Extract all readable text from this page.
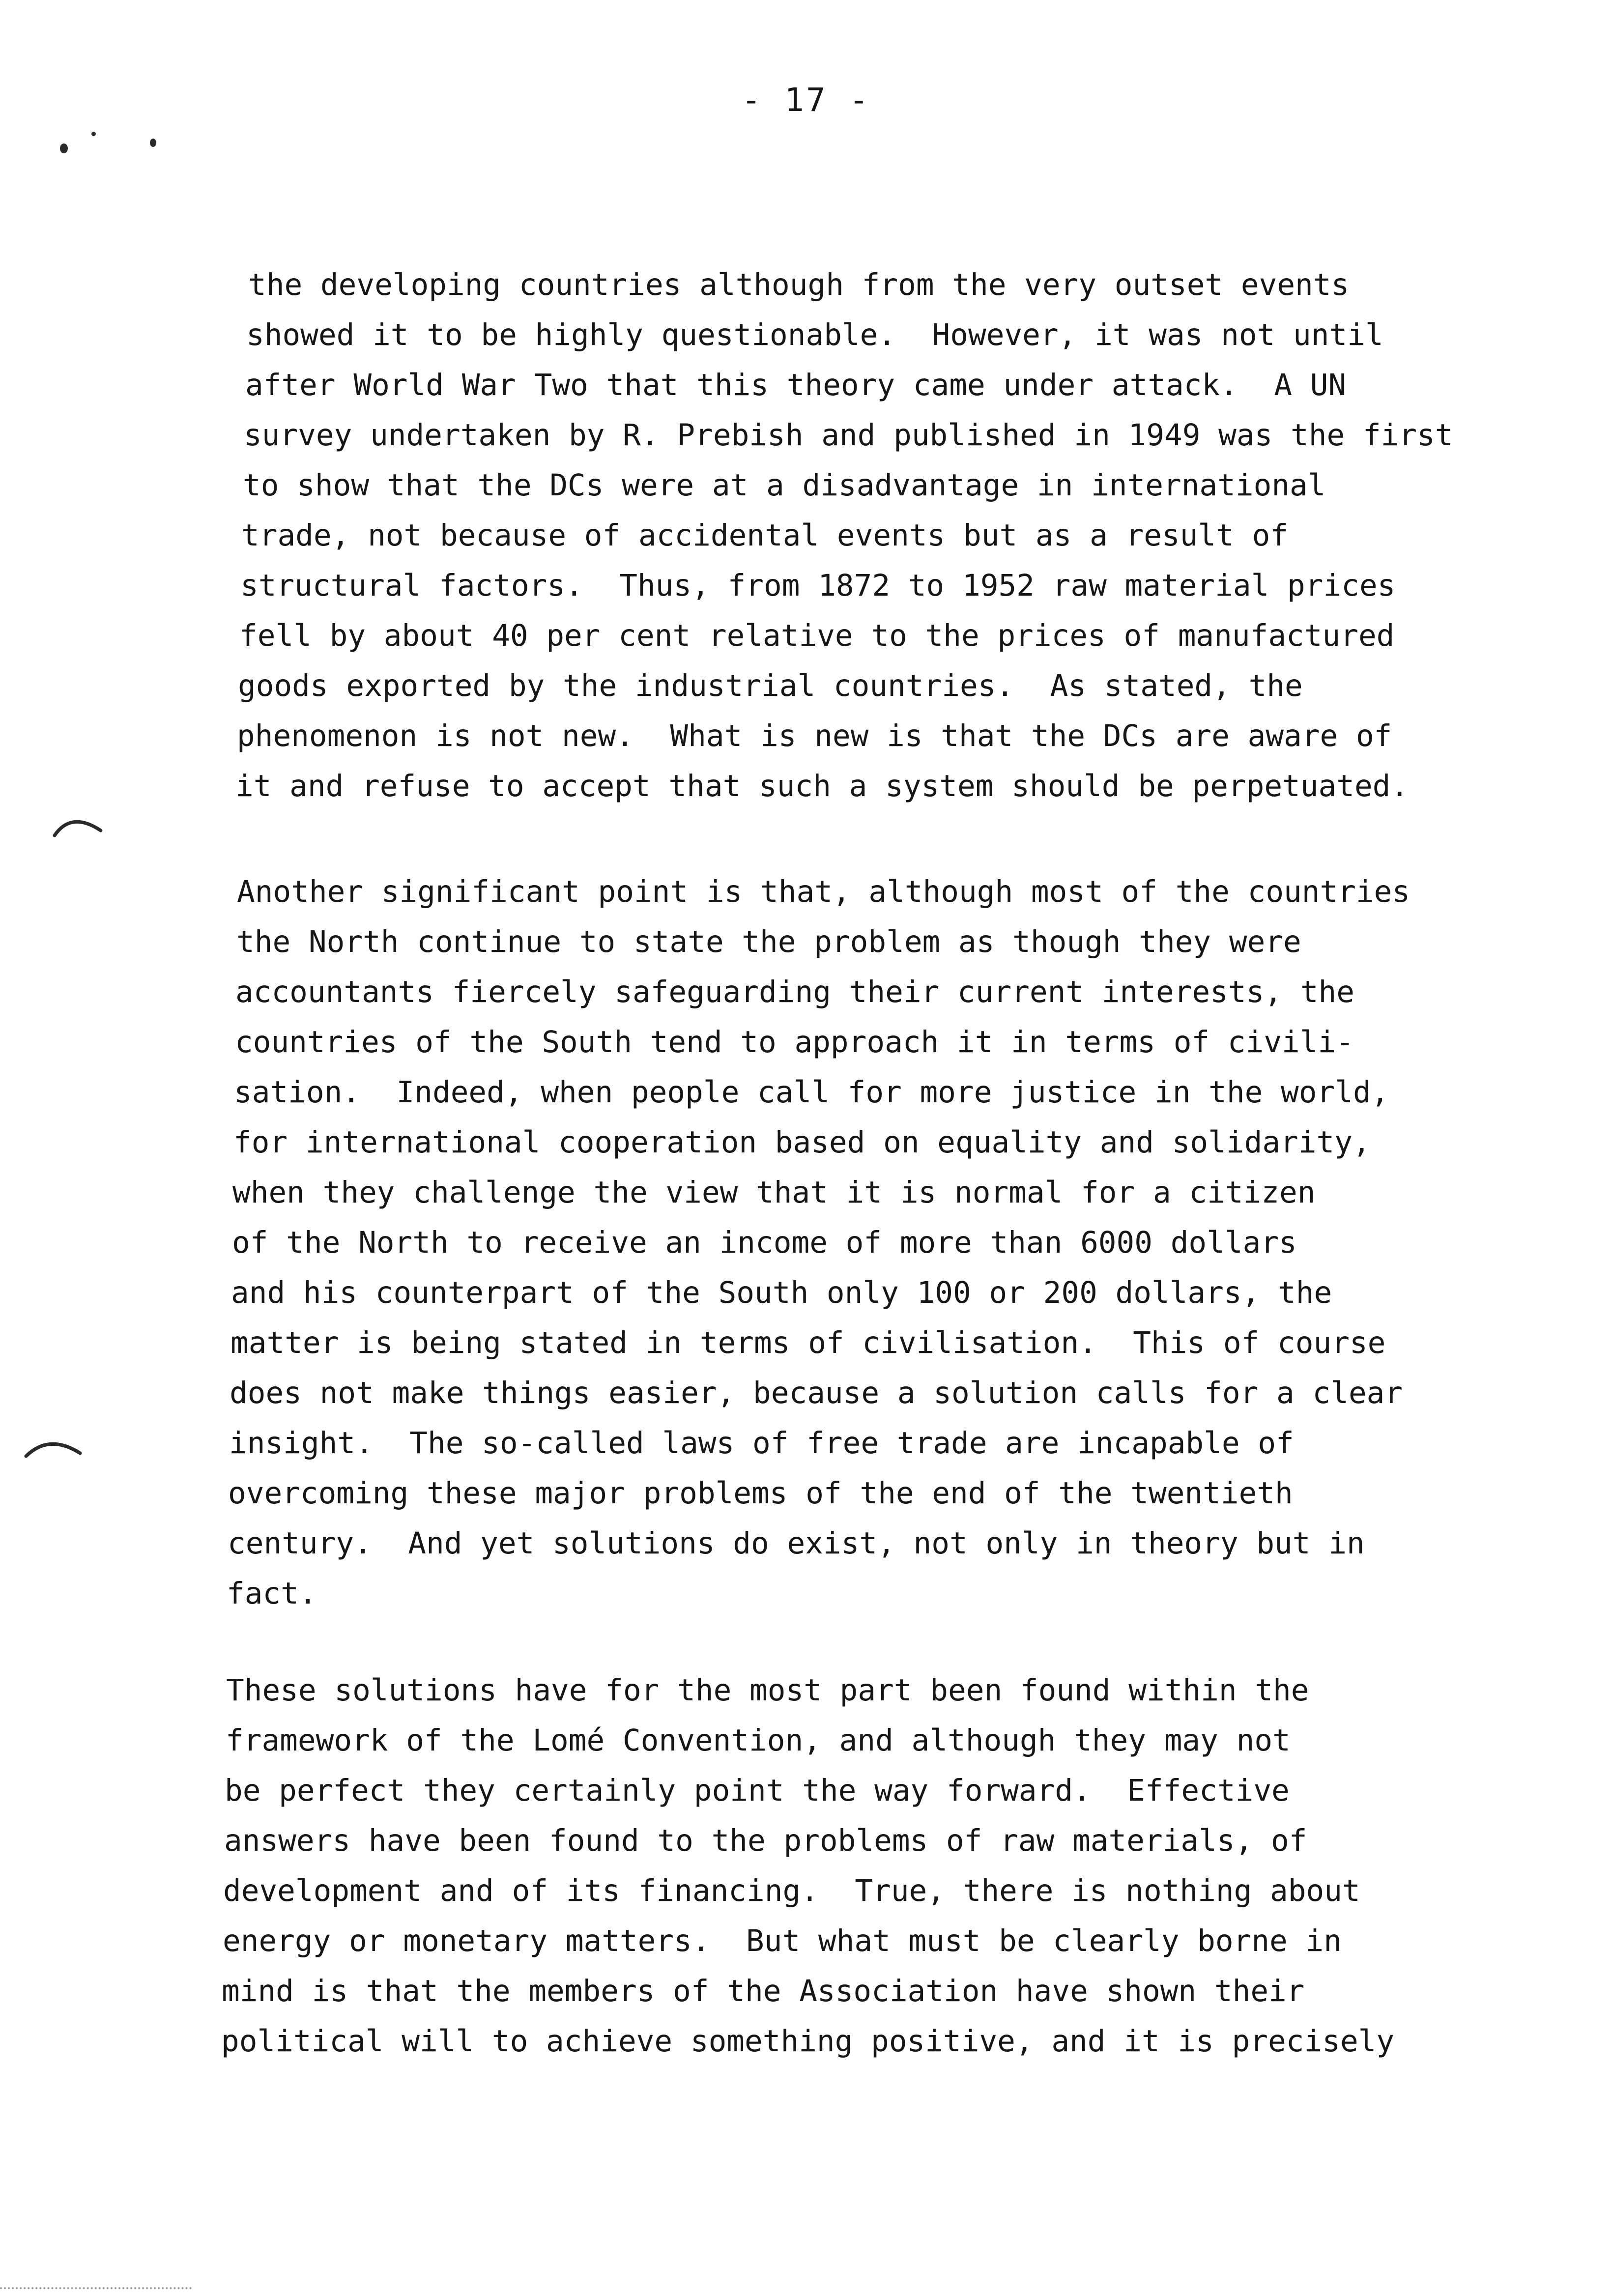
- 17 -
the developing countries although from the very outset events
showed it to be highly questionable.  However, it was not until
after World War Two that this theory came under attack.  A UN
survey undertaken by R. Prebish and published in 1949 was the first
to show that the DCs were at a disadvantage in international
trade, not because of accidental events but as a result of
structural factors.  Thus, from 1872 to 1952 raw material prices
fell by about 40 per cent relative to the prices of manufactured
goods exported by the industrial countries.  As stated, the
phenomenon is not new.  What is new is that the DCs are aware of
it and refuse to accept that such a system should be perpetuated.
Another significant point is that, although most of the countries
the North continue to state the problem as though they were
accountants fiercely safeguarding their current interests, the
countries of the South tend to approach it in terms of civili-
sation.  Indeed, when people call for more justice in the world,
for international cooperation based on equality and solidarity,
when they challenge the view that it is normal for a citizen
of the North to receive an income of more than 6000 dollars
and his counterpart of the South only 100 or 200 dollars, the
matter is being stated in terms of civilisation.  This of course
does not make things easier, because a solution calls for a clear
insight.  The so-called laws of free trade are incapable of
overcoming these major problems of the end of the twentieth
century.  And yet solutions do exist, not only in theory but in
fact.
These solutions have for the most part been found within the
framework of the Lomé Convention, and although they may not
be perfect they certainly point the way forward.  Effective
answers have been found to the problems of raw materials, of
development and of its financing.  True, there is nothing about
energy or monetary matters.  But what must be clearly borne in
mind is that the members of the Association have shown their
political will to achieve something positive, and it is precisely
